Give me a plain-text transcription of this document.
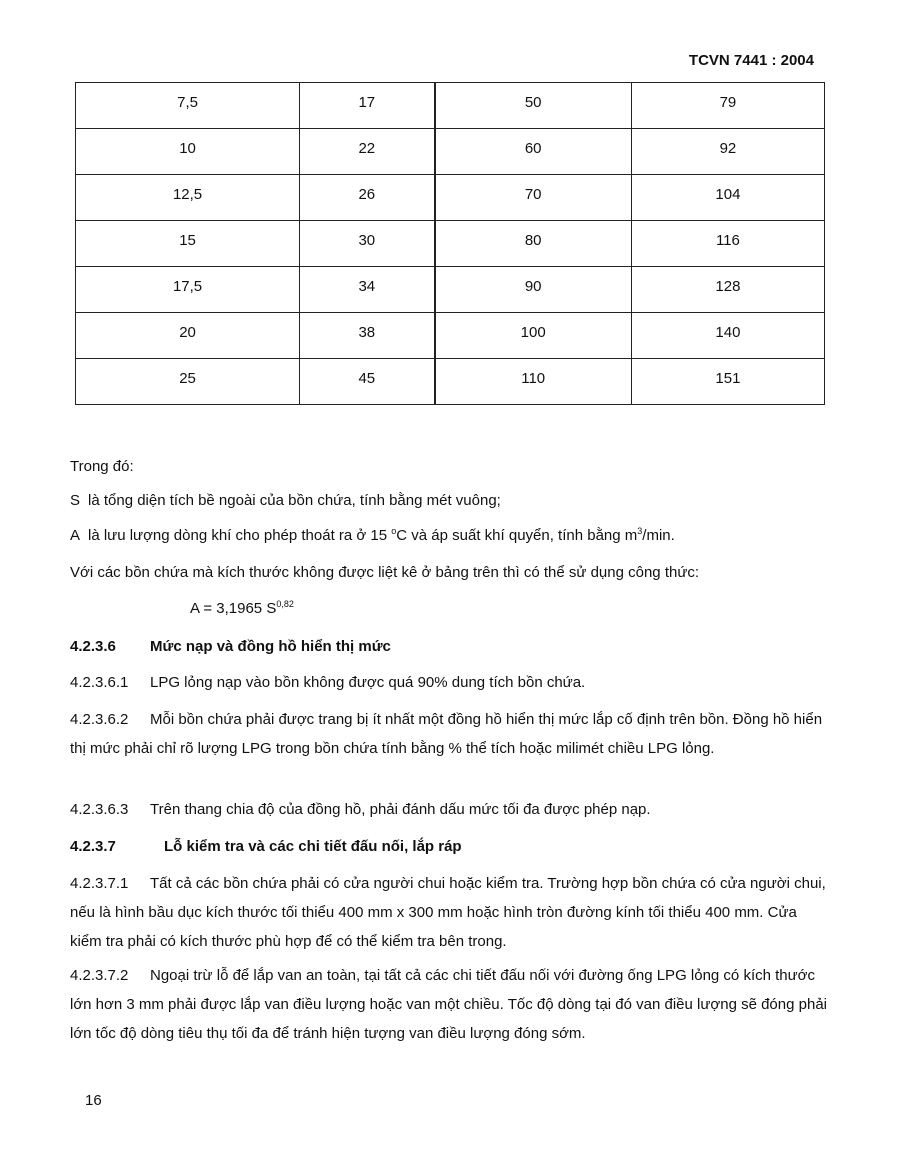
TCVN 7441 : 2004
7,5	17	50	79

10	22	60	92

12,5	26	70	104

15	30	80	116

17,5	34	90	128

20	38	100	140

25	45	110	151
Trong đó:
S là tổng diện tích bề ngoài của bồn chứa, tính bằng mét vuông;
A là lưu lượng dòng khí cho phép thoát ra ở 15 $^o$C và áp suất khí quyển, tính bằng $m^3/\min$.
Với các bồn chứa mà kích thước không được liệt kê ở bảng trên thì có thể sử dụng công thức:
A = 3,1965 S$^{0,82}$
4.2.3.6 Mức nạp và đồng hồ hiển thị mức
4.2.3.6.1 LPG lỏng nạp vào bồn không được quá 90% dung tích bồn chứa.
4.2.3.6.2 Mỗi bồn chứa phải được trang bị ít nhất một đồng hồ hiển thị mức lắp cố định trên bồn. Đồng hồ hiển thị mức phải chỉ rõ lượng LPG trong bồn chứa tính bằng % thể tích hoặc milimét chiều LPG lỏng.
4.2.3.6.3 Trên thang chia độ của đồng hồ, phải đánh dấu mức tối đa được phép nạp.
4.2.3.7	Lỗ kiểm tra và các chi tiết đấu nối, lắp ráp
4.2.3.7.1 Tất cả các bồn chứa phải có cửa người chui hoặc kiểm tra. Trường hợp bồn chứa có cửa người chui, nếu là hình bầu dục kích thước tối thiểu 400 mm x 300 mm hoặc hình tròn đường kính tối thiểu 400 mm. Cửa kiểm tra phải có kích thước phù hợp để có thể kiểm tra bên trong.
4.2.3.7.2 Ngoại trừ lỗ để lắp van an toàn, tại tất cả các chi tiết đấu nối với đường ống LPG lỏng có kích thước lớn hơn 3 mm phải được lắp van điều lượng hoặc van một chiều. Tốc độ dòng tại đó van điều lượng sẽ đóng phải lớn tốc độ dòng tiêu thụ tối đa để tránh hiện tượng van điều lượng đóng sớm.
16
